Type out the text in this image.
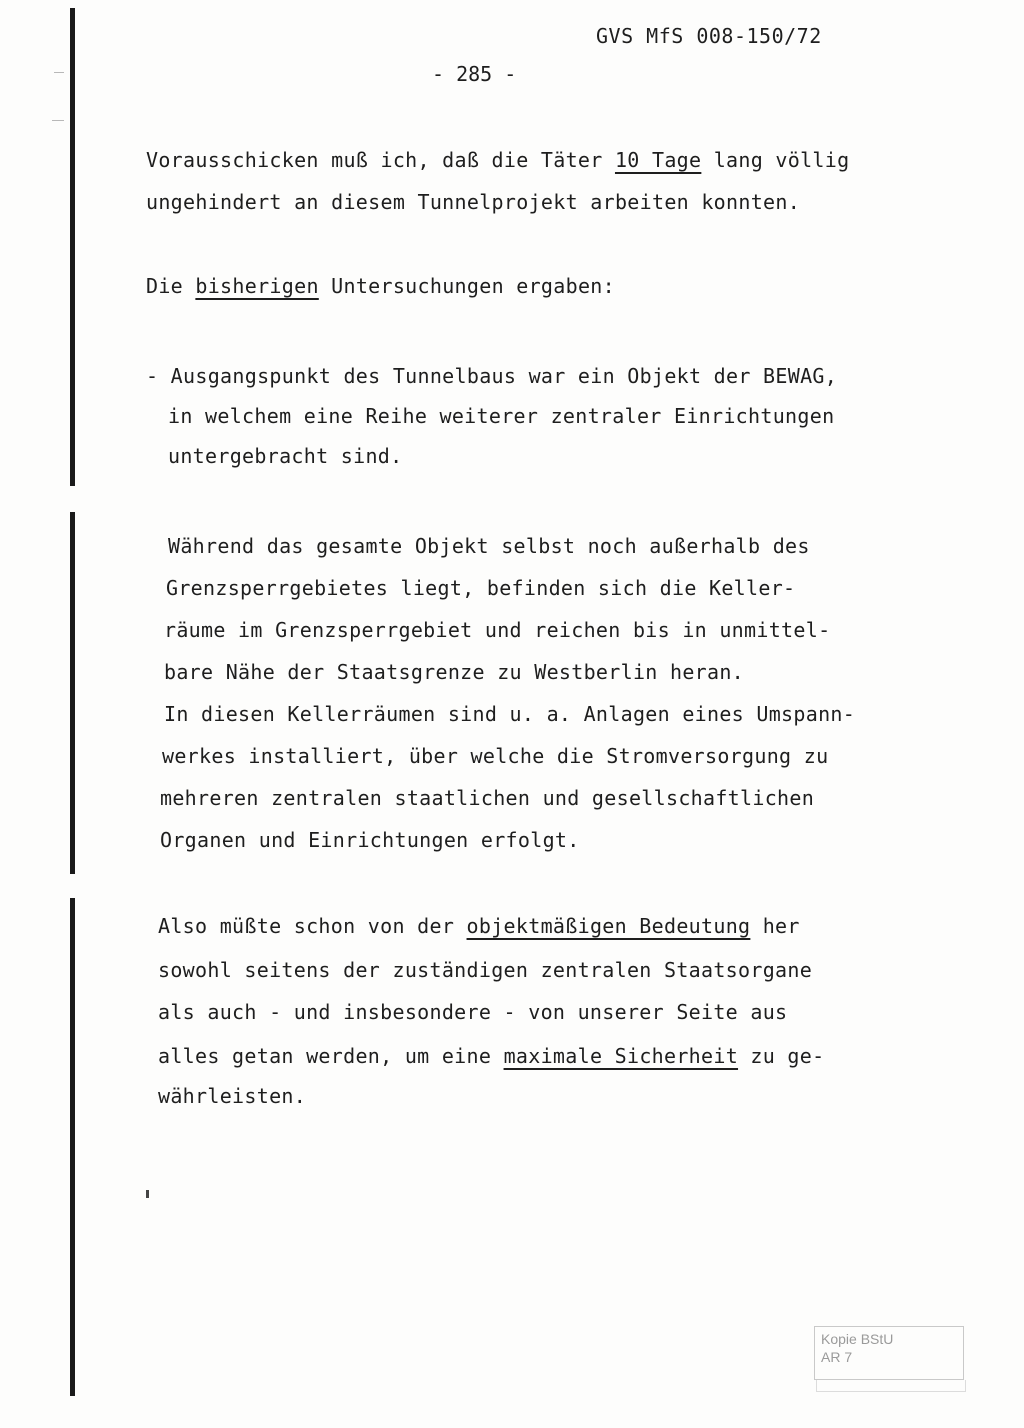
GVS MfS 008-150/72
- 285 -
Vorausschicken muß ich, daß die Täter 10 Tage lang völlig
ungehindert an diesem Tunnelprojekt arbeiten konnten.
Die bisherigen Untersuchungen ergaben:
- Ausgangspunkt des Tunnelbaus war ein Objekt der BEWAG,
in welchem eine Reihe weiterer zentraler Einrichtungen
untergebracht sind.
Während das gesamte Objekt selbst noch außerhalb des
Grenzsperrgebietes liegt, befinden sich die Keller-
räume im Grenzsperrgebiet und reichen bis in unmittel-
bare Nähe der Staatsgrenze zu Westberlin heran.
In diesen Kellerräumen sind u. a. Anlagen eines Umspann-
werkes installiert, über welche die Stromversorgung zu
mehreren zentralen staatlichen und gesellschaftlichen
Organen und Einrichtungen erfolgt.
Also müßte schon von der objektmäßigen Bedeutung her
sowohl seitens der zuständigen zentralen Staatsorgane
als auch - und insbesondere - von unserer Seite aus
alles getan werden, um eine maximale Sicherheit zu ge-
währleisten.
Kopie BStU
AR 7
